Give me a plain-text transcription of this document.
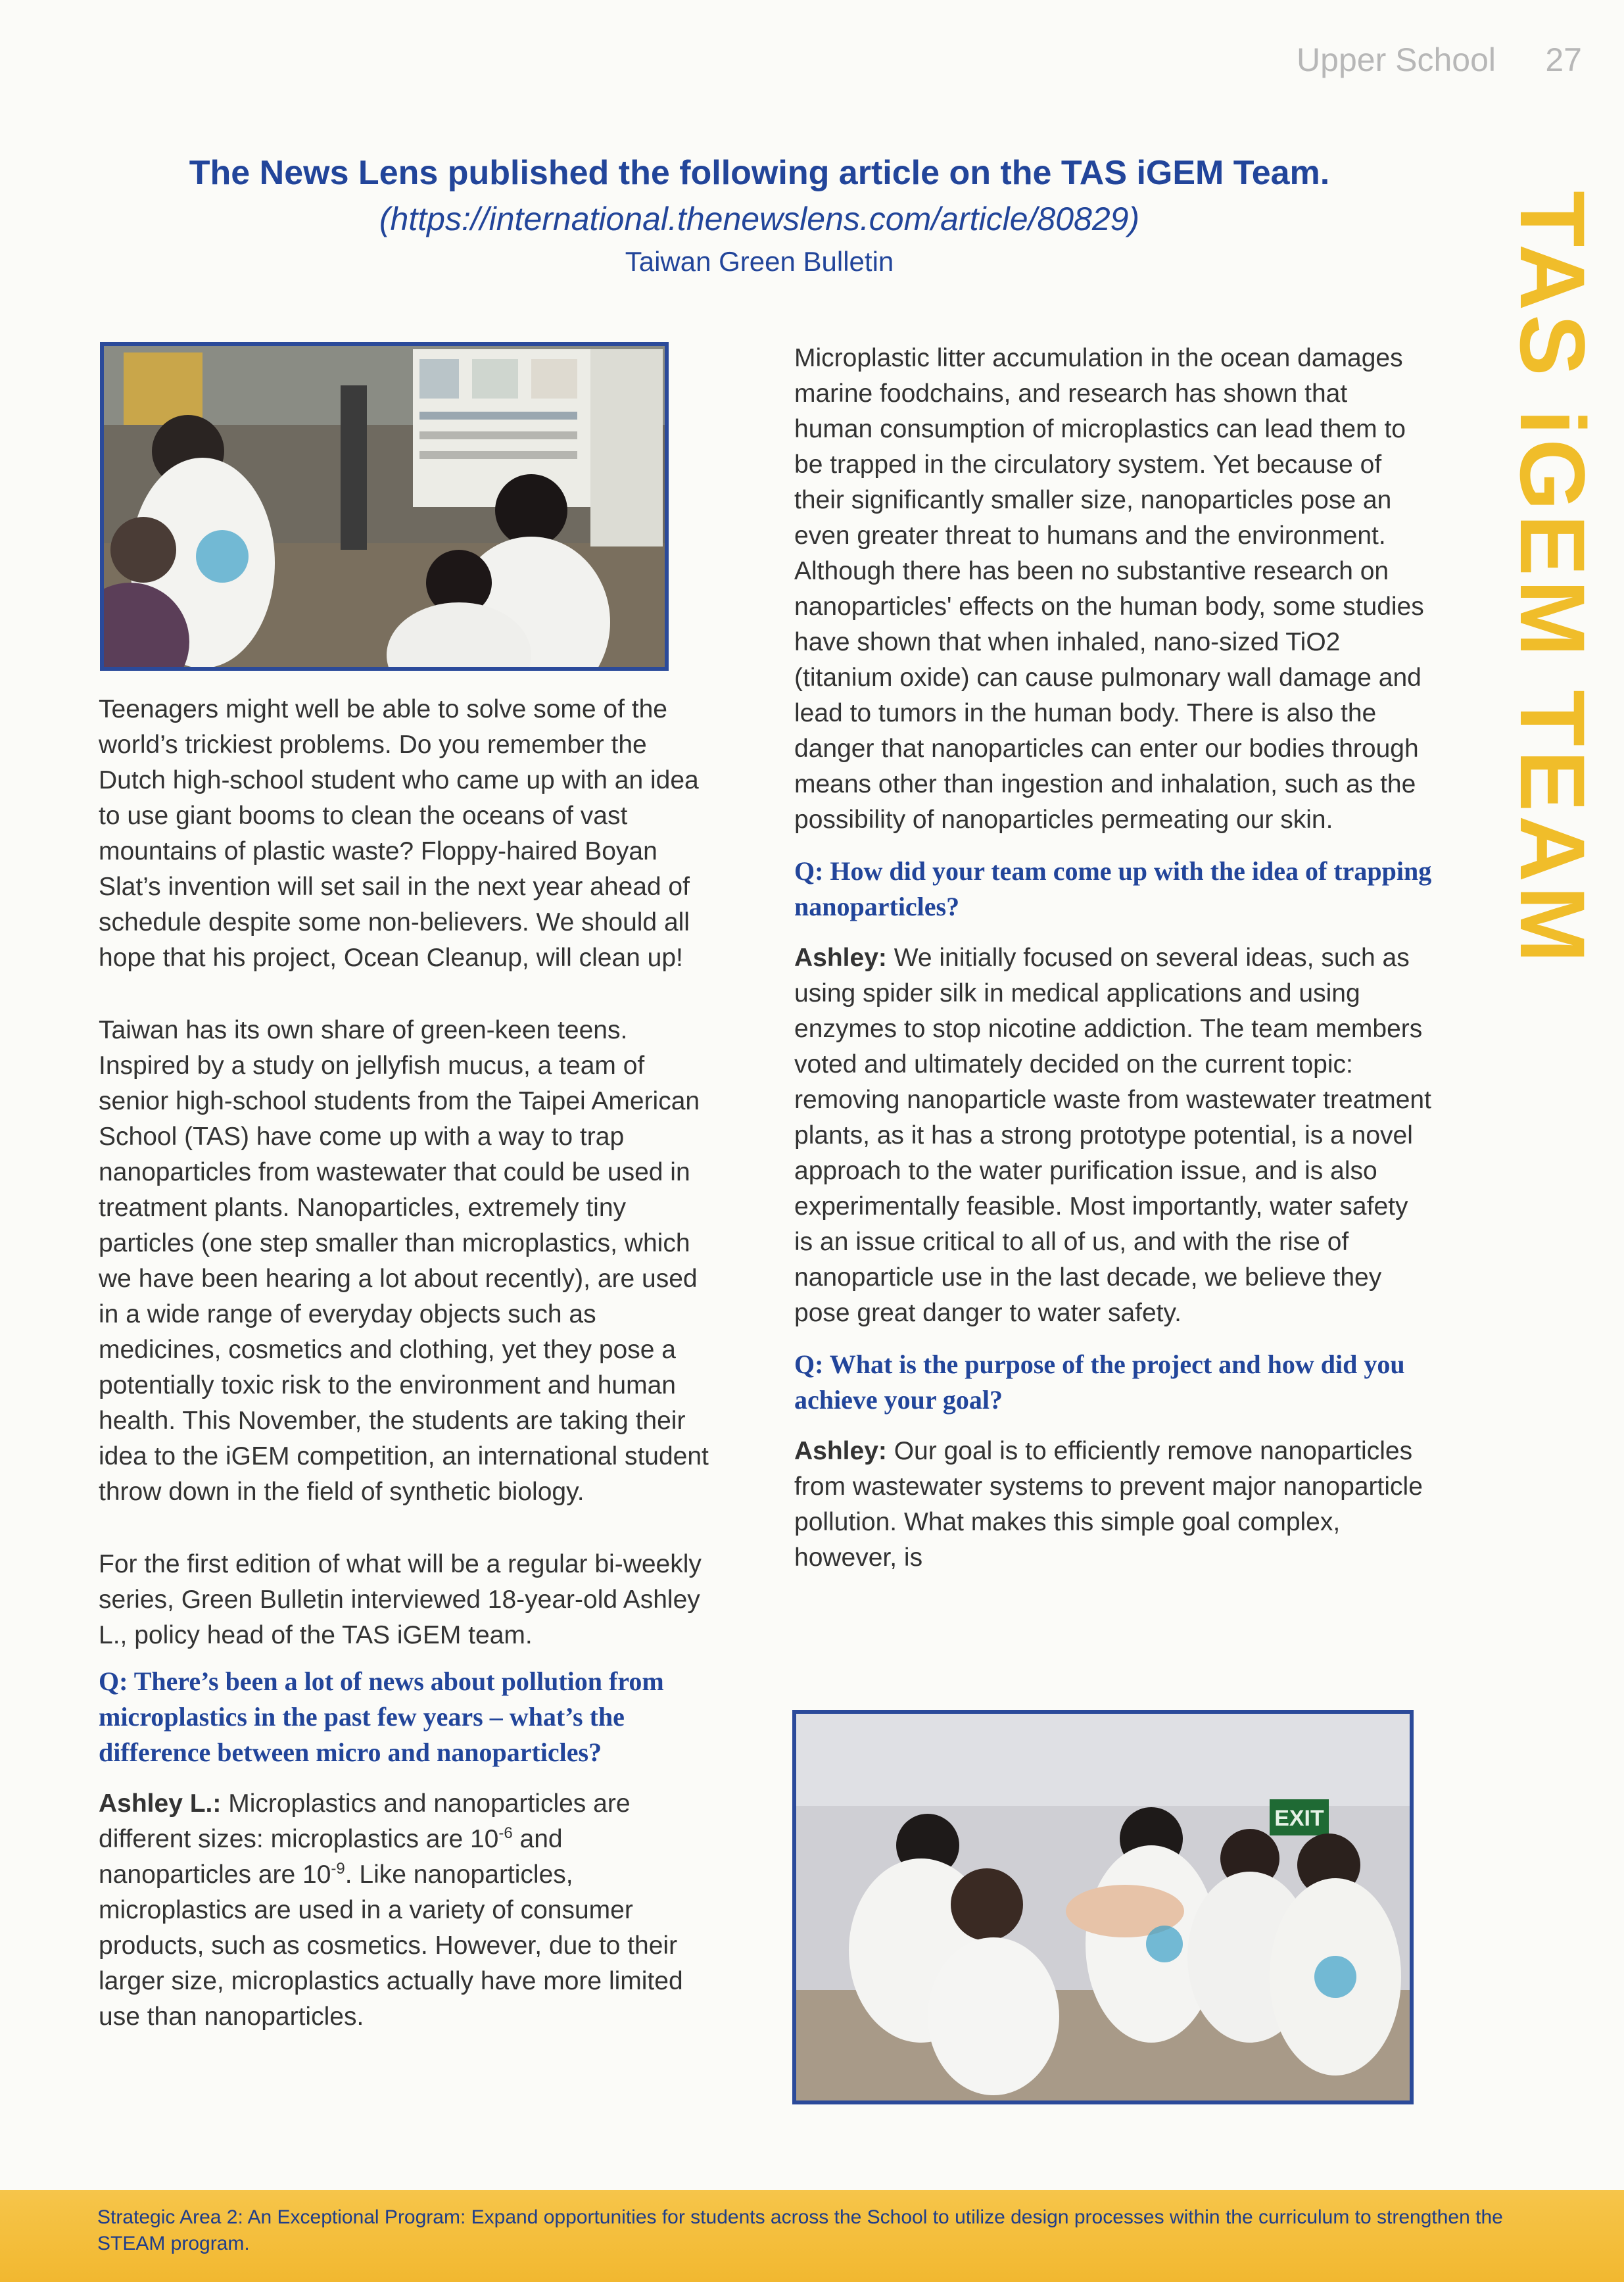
Upper School 27
TAS iGEM TEAM
The News Lens published the following article on the TAS iGEM Team.
(https://international.thenewslens.com/article/80829)
Taiwan Green Bulletin

Teenagers might well be able to solve some of the world’s trickiest problems. Do you remember the Dutch high-school student who came up with an idea to use giant booms to clean the oceans of vast mountains of plastic waste? Floppy-haired Boyan Slat’s invention will set sail in the next year ahead of schedule despite some non-believers. We should all hope that his project, Ocean Cleanup, will clean up!

Taiwan has its own share of green-keen teens. Inspired by a study on jellyfish mucus, a team of senior high-school students from the Taipei American School (TAS) have come up with a way to trap nanoparticles from wastewater that could be used in treatment plants. Nanoparticles, extremely tiny particles (one step smaller than microplastics, which we have been hearing a lot about recently), are used in a wide range of everyday objects such as medicines, cosmetics and clothing, yet they pose a potentially toxic risk to the environment and human health. This November, the students are taking their idea to the iGEM competition, an international student throw down in the field of synthetic biology.

For the first edition of what will be a regular bi-weekly series, Green Bulletin interviewed 18-year-old Ashley L., policy head of the TAS iGEM team.

Q: There’s been a lot of news about pollution from microplastics in the past few years – what’s the difference between micro and nanoparticles?

Ashley L.: Microplastics and nanoparticles are different sizes: microplastics are $10^{-6}$ and nanoparticles are $10^{-9}$. Like nanoparticles, microplastics are used in a variety of consumer products, such as cosmetics. However, due to their larger size, microplastics actually have more limited use than nanoparticles.

Microplastic litter accumulation in the ocean damages marine foodchains, and research has shown that human consumption of microplastics can lead them to be trapped in the circulatory system. Yet because of their significantly smaller size, nanoparticles pose an even greater threat to humans and the environment. Although there has been no substantive research on nanoparticles' effects on the human body, some studies have shown that when inhaled, nano-sized TiO2 (titanium oxide) can cause pulmonary wall damage and lead to tumors in the human body. There is also the danger that nanoparticles can enter our bodies through means other than ingestion and inhalation, such as the possibility of nanoparticles permeating our skin.

Q: How did your team come up with the idea of trapping nanoparticles?

Ashley: We initially focused on several ideas, such as using spider silk in medical applications and using enzymes to stop nicotine addiction. The team members voted and ultimately decided on the current topic: removing nanoparticle waste from wastewater treatment plants, as it has a strong prototype potential, is a novel approach to the water purification issue, and is also experimentally feasible. Most importantly, water safety is an issue critical to all of us, and with the rise of nanoparticle use in the last decade, we believe they pose great danger to water safety.

Q: What is the purpose of the project and how did you achieve your goal?

Ashley: Our goal is to efficiently remove nanoparticles from wastewater systems to prevent major nanoparticle pollution. What makes this simple goal complex, however, is

EXIT
Strategic Area 2: An Exceptional Program: Expand opportunities for students across the School to utilize design processes within the curriculum to strengthen the STEAM program.
